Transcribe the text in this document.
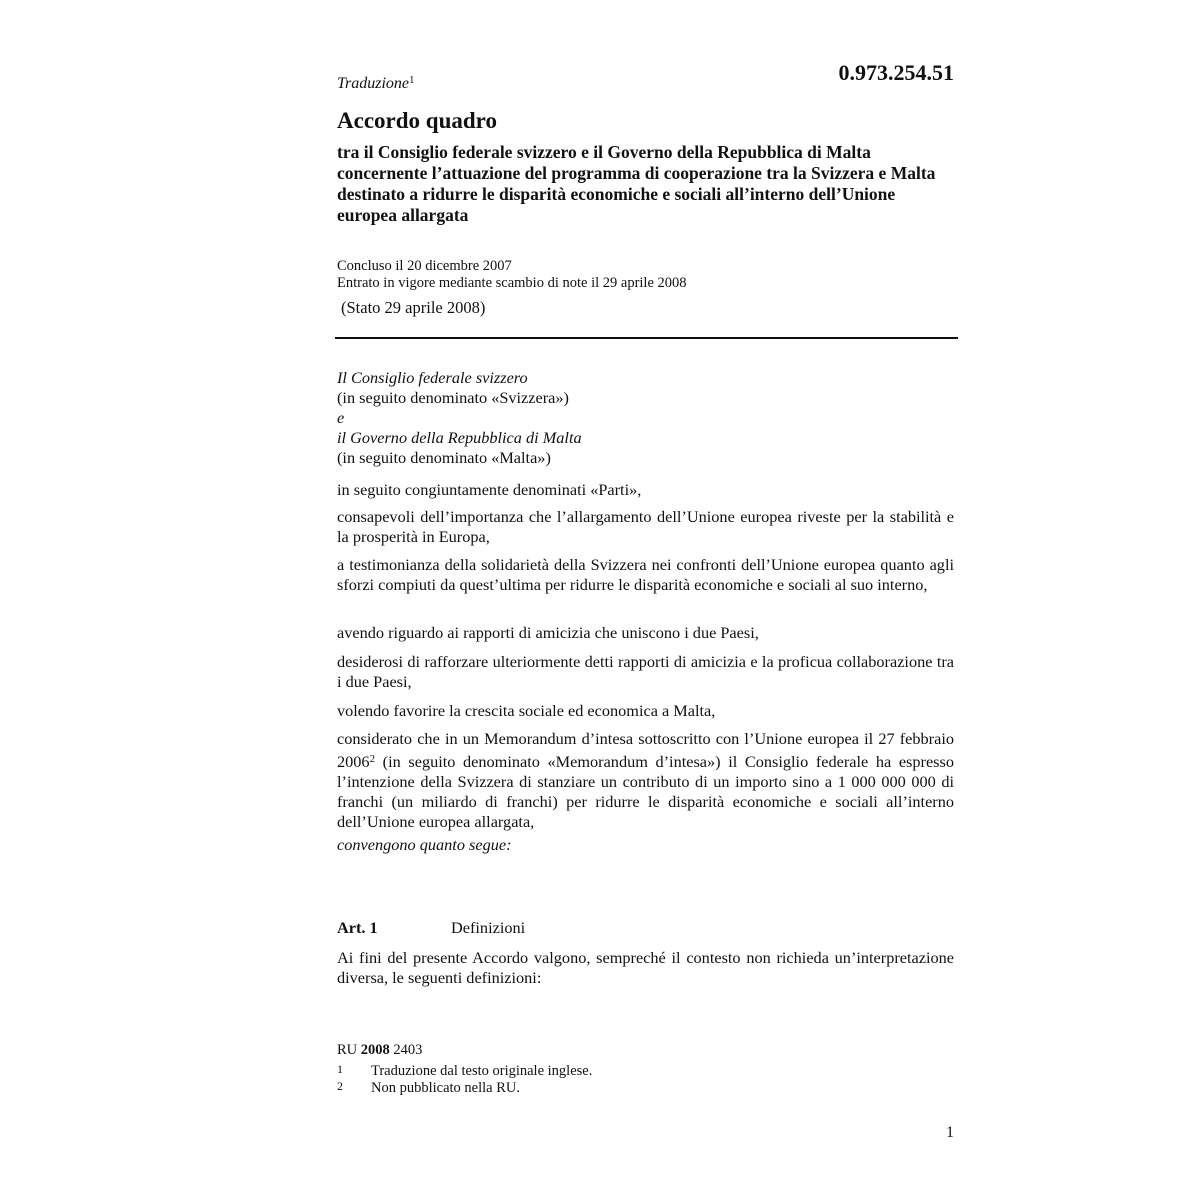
Traduzione$^1$	0.973.254.51
Accordo quadro
tra il Consiglio federale svizzero e il Governo della Repubblica di Malta concernente l’attuazione del programma di cooperazione tra la Svizzera e Malta destinato a ridurre le disparità economiche e sociali all’interno dell’Unione europea allargata
Concluso il 20 dicembre 2007
Entrato in vigore mediante scambio di note il 29 aprile 2008
(Stato 29 aprile 2008)
Il Consiglio federale svizzero
(in seguito denominato «Svizzera»)
e
il Governo della Repubblica di Malta
(in seguito denominato «Malta»)
in seguito congiuntamente denominati «Parti»,
consapevoli dell’importanza che l’allargamento dell’Unione europea riveste per la stabilità e la prosperità in Europa,
a testimonianza della solidarietà della Svizzera nei confronti dell’Unione europea quanto agli sforzi compiuti da quest’ultima per ridurre le disparità economiche e sociali al suo interno,
avendo riguardo ai rapporti di amicizia che uniscono i due Paesi,
desiderosi di rafforzare ulteriormente detti rapporti di amicizia e la proficua collaborazione tra i due Paesi,
volendo favorire la crescita sociale ed economica a Malta,
considerato che in un Memorandum d’intesa sottoscritto con l’Unione europea il 27 febbraio 2006$^2$ (in seguito denominato «Memorandum d’intesa») il Consiglio federale ha espresso l’intenzione della Svizzera di stanziare un contributo di un importo sino a 1 000 000 000 di franchi (un miliardo di franchi) per ridurre le disparità economiche e sociali all’interno dell’Unione europea allargata,
convengono quanto segue:
Art. 1	Definizioni
Ai fini del presente Accordo valgono, sempreché il contesto non richieda un’interpretazione diversa, le seguenti definizioni:
RU 2008 2403
1 Traduzione dal testo originale inglese.
2 Non pubblicato nella RU.
1
